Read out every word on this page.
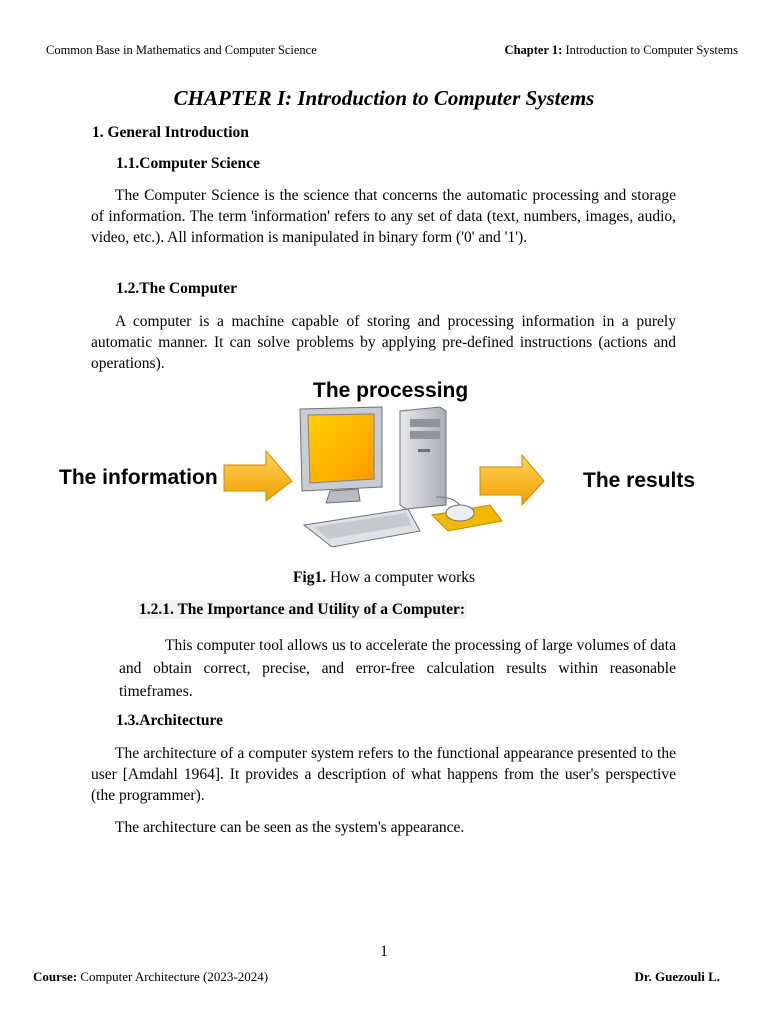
Common Base in Mathematics and Computer Science	Chapter 1: Introduction to Computer Systems
CHAPTER I: Introduction to Computer Systems
1. General Introduction
1.1.Computer Science
The Computer Science is the science that concerns the automatic processing and storage of information. The term 'information' refers to any set of data (text, numbers, images, audio, video, etc.). All information is manipulated in binary form ('0' and '1').
1.2.The Computer
A computer is a machine capable of storing and processing information in a purely automatic manner. It can solve problems by applying pre-defined instructions (actions and operations).
The processing
The information	The results
Fig1. How a computer works
1.2.1. The Importance and Utility of a Computer:
This computer tool allows us to accelerate the processing of large volumes of data and obtain correct, precise, and error-free calculation results within reasonable timeframes.
1.3.Architecture
The architecture of a computer system refers to the functional appearance presented to the user [Amdahl 1964]. It provides a description of what happens from the user's perspective (the programmer).
The architecture can be seen as the system's appearance.
1
Course: Computer Architecture (2023-2024)	Dr. Guezouli L.
